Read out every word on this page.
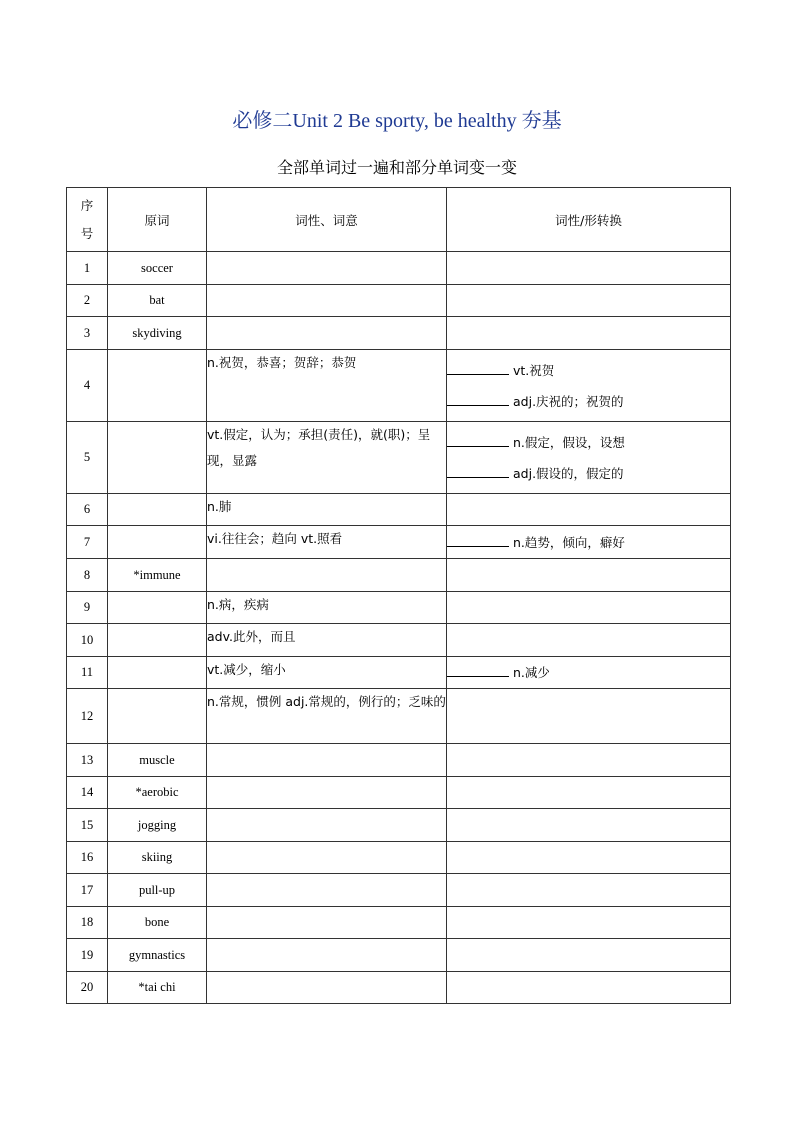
必修二Unit 2 Be sporty, be healthy 夯基
全部单词过一遍和部分单词变一变
序
号	原词	词性、词意	词性/形转换
1	soccer		
2	bat		
3	skydiving		
4		n.祝贺，恭喜；贺辞；恭贺	vt.祝贺
adj.庆祝的；祝贺的

5		vt.假定，认为；承担(责任)，就(职)；呈现，显露	n.假定，假设，设想
adj.假设的，假定的

6		n.肺	
7		vi.往往会；趋向 vt.照看	n.趋势，倾向，癖好

8	*immune		
9		n.病，疾病	
10		adv.此外，而且	
11		vt.减少，缩小	n.减少

12		n.常规，惯例 adj.常规的，例行的；乏味的	
13	muscle		
14	*aerobic		
15	jogging		
16	skiing		
17	pull-up		
18	bone		
19	gymnastics		
20	*tai chi		
